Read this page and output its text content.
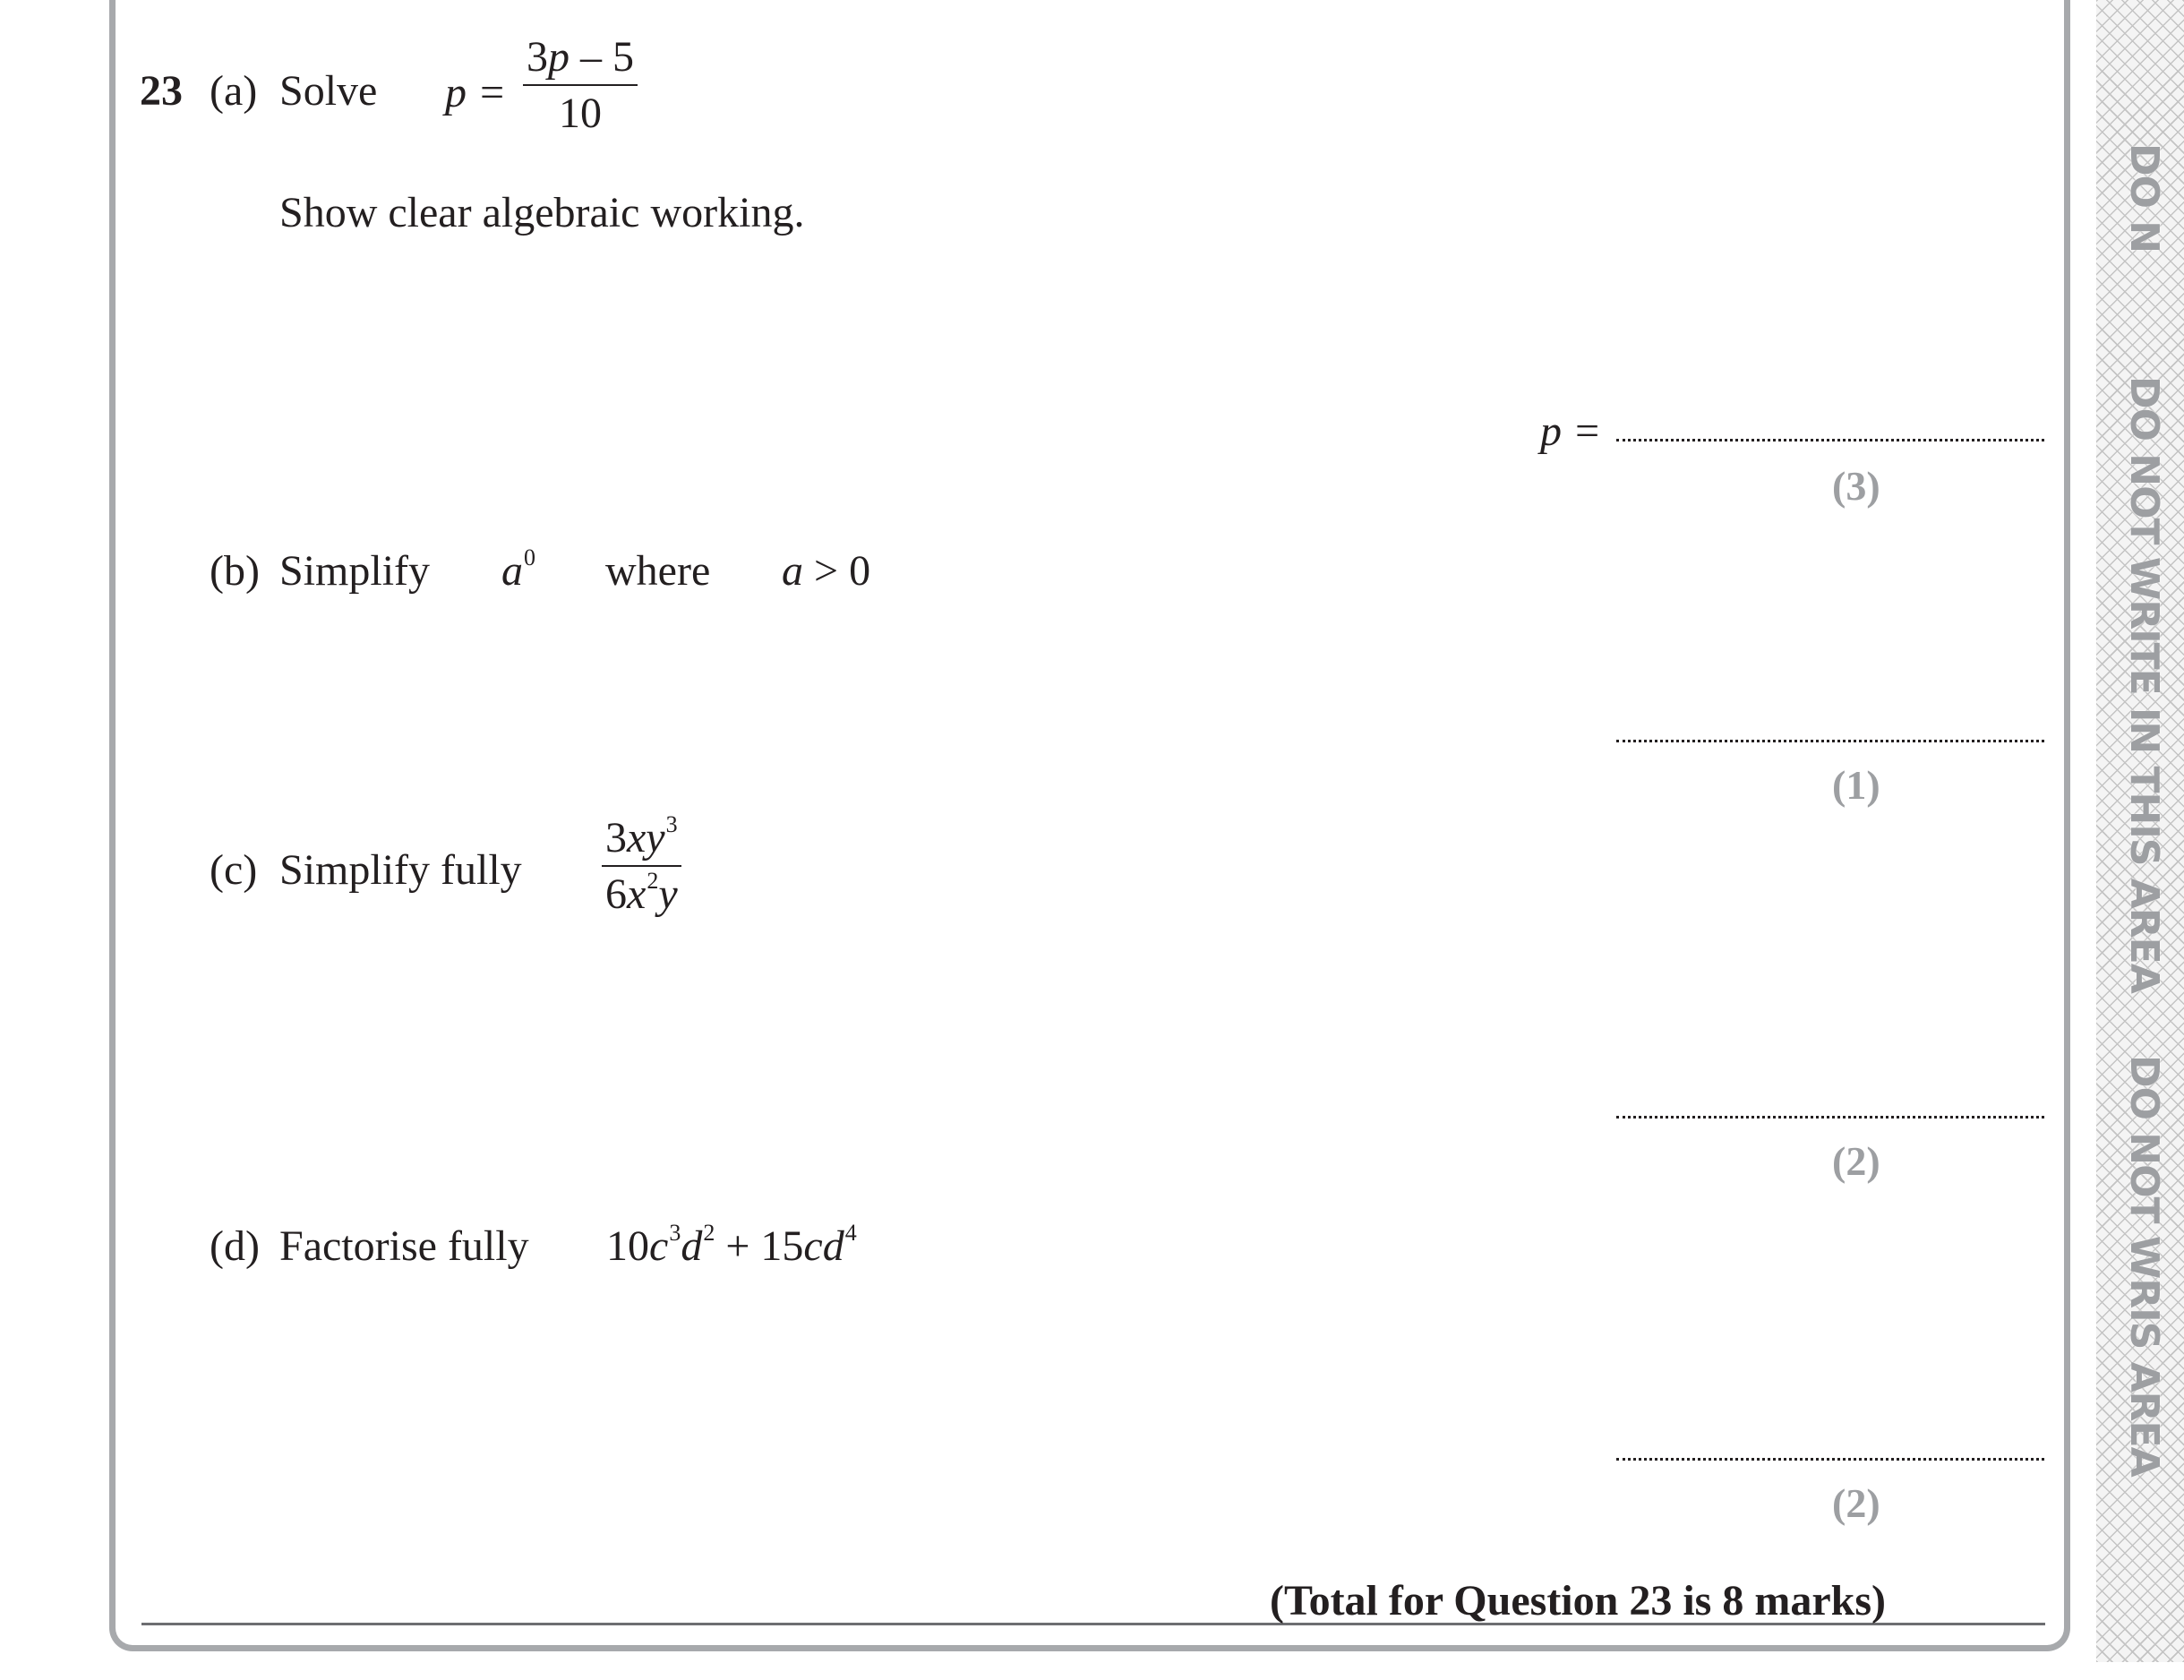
DO N
DO NOT WRITE IN THIS AREA
DO NOT WRIS AREA
23 (a) Solve $p = \frac{3p - 5}{10}$
Show clear algebraic working.
p =
(3)
(b) Simplify $a^0$ where a > 0
(1)
(c) Simplify fully $\frac{3xy^3}{6x^2y}$
(2)
(d) Factorise fully $10c^3d^2 + 15cd^4$
(2)
(Total for Question 23 is 8 marks)
